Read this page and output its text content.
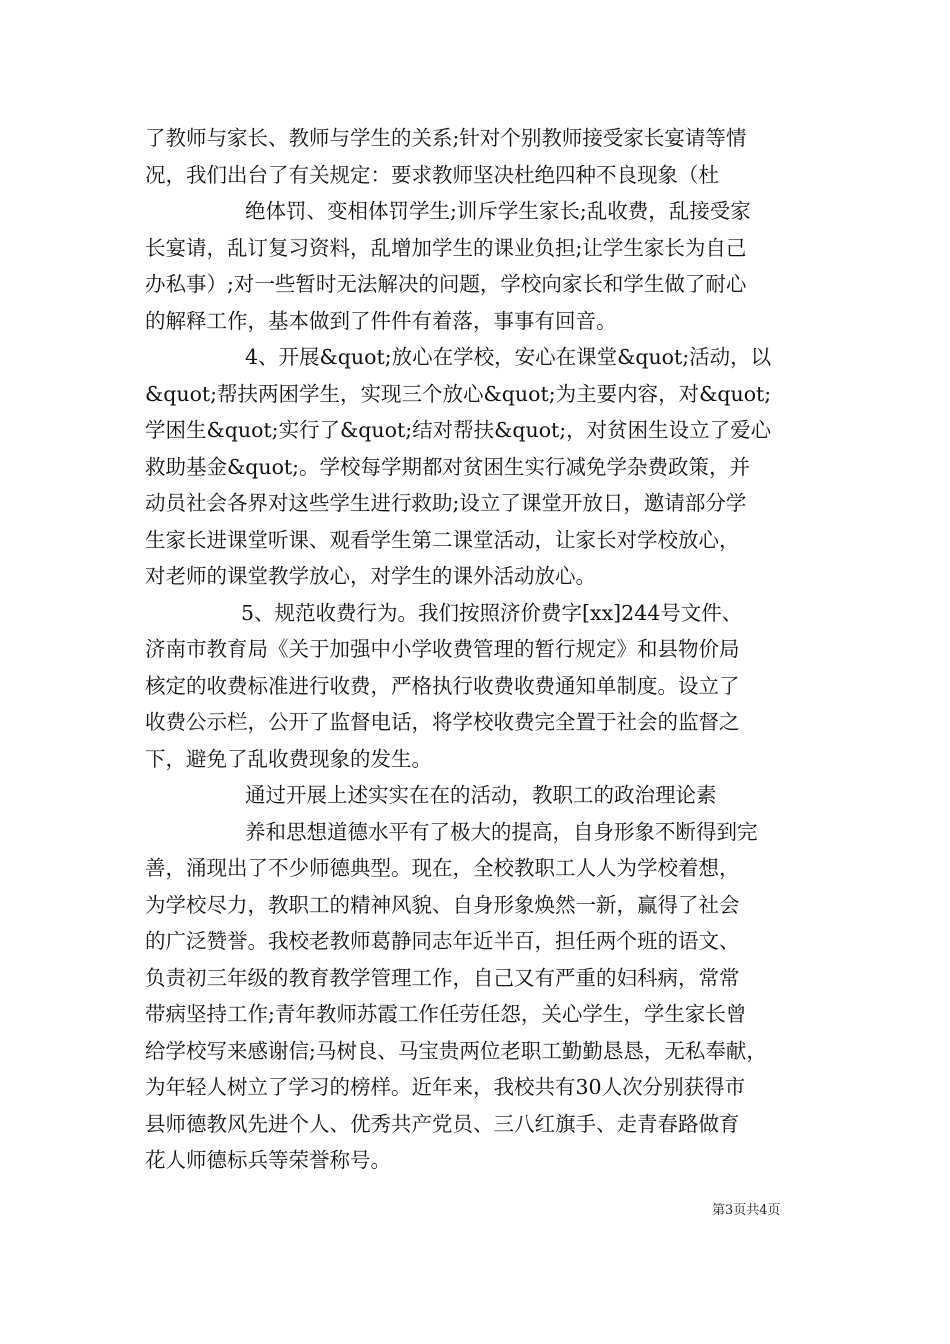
了教师与家长、教师与学生的关系;针对个别教师接受家长宴请等情
况，我们出台了有关规定：要求教师坚决杜绝四种不良现象（杜
绝体罚、变相体罚学生;训斥学生家长;乱收费，乱接受家
长宴请，乱订复习资料，乱增加学生的课业负担;让学生家长为自己
办私事）;对一些暂时无法解决的问题，学校向家长和学生做了耐心
的解释工作，基本做到了件件有着落，事事有回音。
4、开展&quot;放心在学校，安心在课堂&quot;活动，以
&quot;帮扶两困学生，实现三个放心&quot;为主要内容，对&quot;
学困生&quot;实行了&quot;结对帮扶&quot;，对贫困生设立了爱心
救助基金&quot;。学校每学期都对贫困生实行减免学杂费政策，并
动员社会各界对这些学生进行救助;设立了课堂开放日，邀请部分学
生家长进课堂听课、观看学生第二课堂活动，让家长对学校放心，
对老师的课堂教学放心，对学生的课外活动放心。
5、规范收费行为。我们按照济价费字[xx]244号文件、
济南市教育局《关于加强中小学收费管理的暂行规定》和县物价局
核定的收费标准进行收费，严格执行收费收费通知单制度。设立了
收费公示栏，公开了监督电话，将学校收费完全置于社会的监督之
下，避免了乱收费现象的发生。
通过开展上述实实在在的活动，教职工的政治理论素
养和思想道德水平有了极大的提高，自身形象不断得到完
善，涌现出了不少师德典型。现在，全校教职工人人为学校着想，
为学校尽力，教职工的精神风貌、自身形象焕然一新，赢得了社会
的广泛赞誉。我校老教师葛静同志年近半百，担任两个班的语文、
负责初三年级的教育教学管理工作，自己又有严重的妇科病，常常
带病坚持工作;青年教师苏霞工作任劳任怨，关心学生，学生家长曾
给学校写来感谢信;马树良、马宝贵两位老职工勤勤恳恳，无私奉献，
为年轻人树立了学习的榜样。近年来，我校共有30人次分别获得市
县师德教风先进个人、优秀共产党员、三八红旗手、走青春路做育
花人师德标兵等荣誉称号。
第3页共4页
